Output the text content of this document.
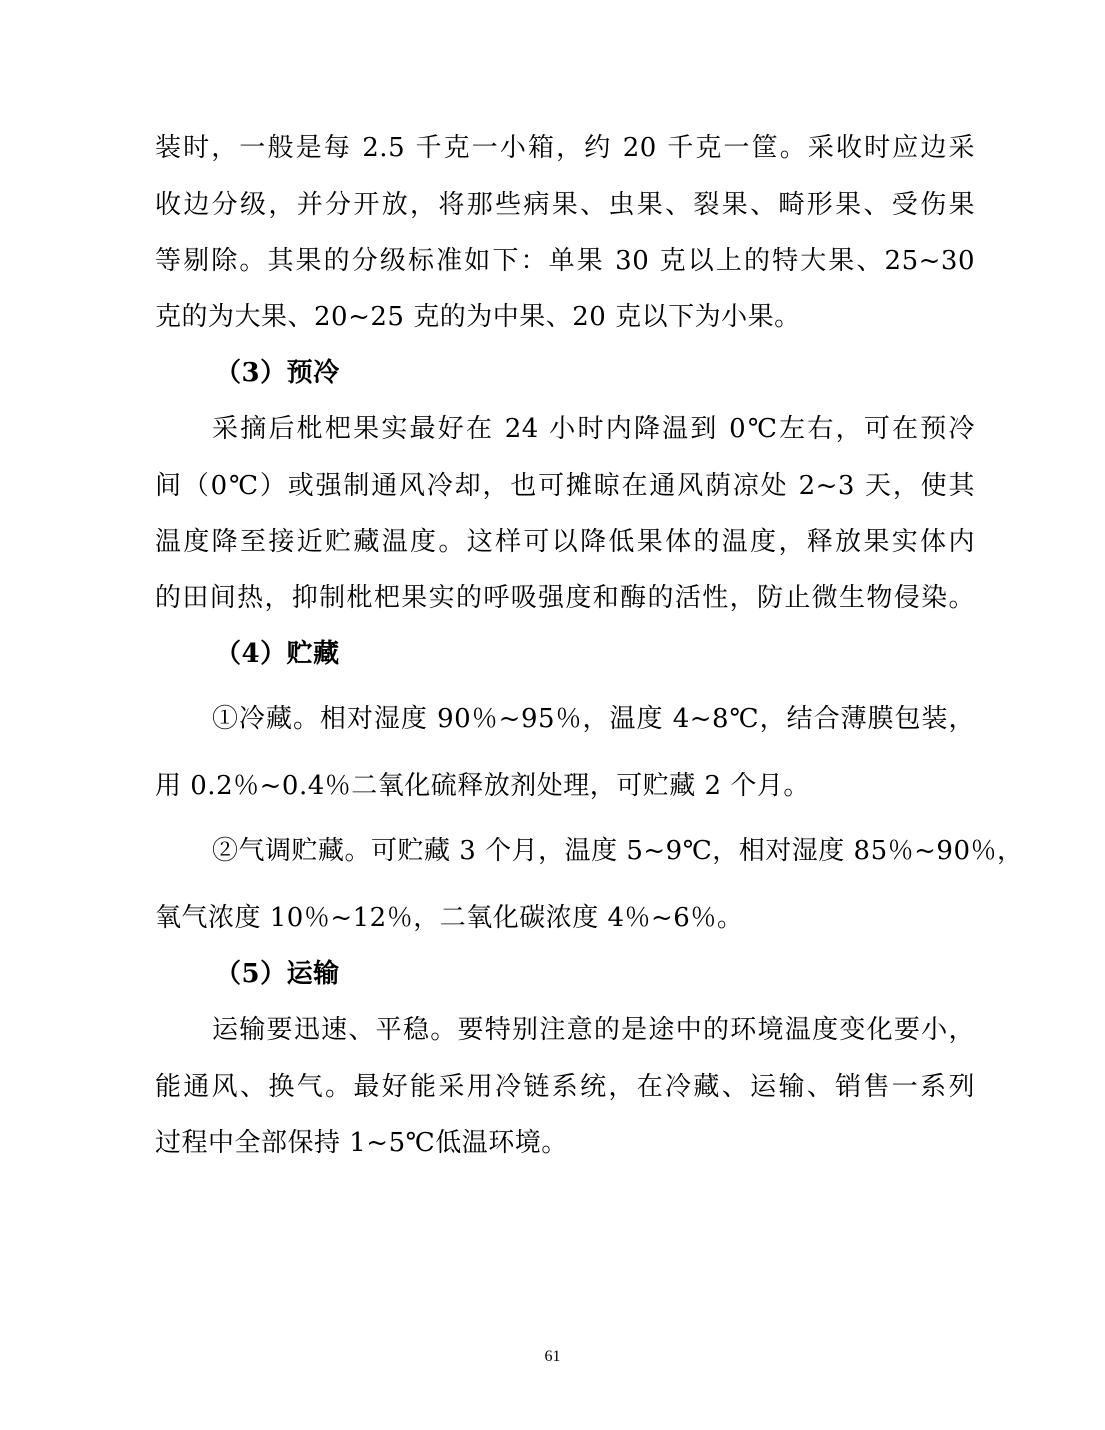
装时，一般是每 2.5 千克一小箱，约 20 千克一筐。采收时应边采
收边分级，并分开放，将那些病果、虫果、裂果、畸形果、受伤果
等剔除。其果的分级标准如下：单果 30 克以上的特大果、25~30
克的为大果、20~25 克的为中果、20 克以下为小果。
（3）预冷
采摘后枇杷果实最好在 24 小时内降温到 0℃左右，可在预冷
间（0℃）或强制通风冷却，也可摊晾在通风荫凉处 2~3 天，使其
温度降至接近贮藏温度。这样可以降低果体的温度，释放果实体内
的田间热，抑制枇杷果实的呼吸强度和酶的活性，防止微生物侵染。
（4）贮藏
①冷藏。相对湿度 90％~95％，温度 4~8℃，结合薄膜包装，
用 0.2％~0.4％二氧化硫释放剂处理，可贮藏 2 个月。
②气调贮藏。可贮藏 3 个月，温度 5~9℃，相对湿度 85％~90％，
氧气浓度 10％~12％，二氧化碳浓度 4％~6％。
（5）运输
运输要迅速、平稳。要特别注意的是途中的环境温度变化要小，
能通风、换气。最好能采用冷链系统，在冷藏、运输、销售一系列
过程中全部保持 1~5℃低温环境。
61
